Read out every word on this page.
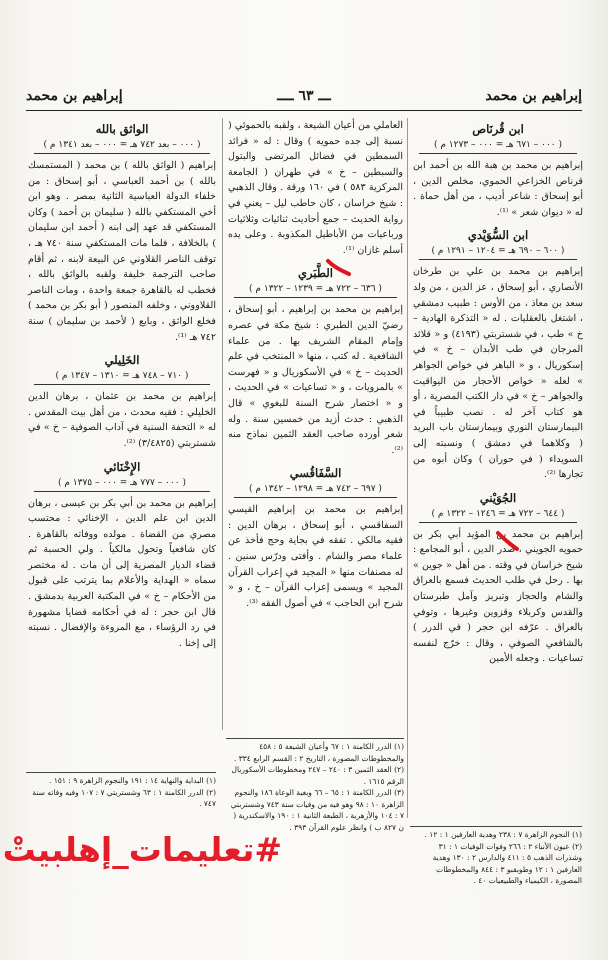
إبراهيم بن محمد
ـــ ٦٣ ــــ
إبراهيم بن محمد
ابن قُرنَاص
( ٠٠٠ – ٦٧١ هـ = ٠٠٠ – ١٢٧٣ م )

إبراهيم بن محمد بن هبة الله بن أحمد ابن قرناص الخزاعي الحموي، مخلص الدين ، أبو إسحاق : شاعر أديب ، من أهل حماة . له « ديوان شعر » ⁽¹⁾.

ابن السُّوَيْدي
( ٦٠٠ – ٦٩٠ هـ = ١٢٠٤ – ١٢٩١ م )

إبراهيم بن محمد بن علي بن طرخان الأنصاري ، أبو إسحاق ، عز الدين ، من ولد سعد بن معاذ ، من الأوس : طبيب دمشقي ، اشتغل بالعقليات . له « التذكرة الهادية – خ » طب ، في شستربتي (٤١٩٣) و « قلائد المرجان في طب الأبدان – خ » في إسكوريال ، و « الباهر في خواص الجواهر » لعله « خواص الأحجار من اليواقيت والجواهر – خ » في دار الكتب المصرية ، أو هو كتاب آخر له . نصب طبيباً في البيمارستان النوري وبيمارستان باب البريد ( وكلاهما في دمشق ) ونسبته إلى السويداء ( في حوران ) وكان أبوه من تجارها ⁽²⁾.

الجُوَيْني
( ٦٤٤ – ٧٢٢ هـ = ١٢٤٦ – ١٣٢٢ م )

إبراهيم بن محمد بن المؤيد أبي بكر بن حمويه الجويني ، صدر الدين ، أبو المجامع : شيخ خراسان في وقته . من أهل « جوين » بها . رحل في طلب الحديث فسمع بالعراق والشام والحجاز وتبريز وآمل طبرستان والقدس وكربلاء وقزوين وغيرها ، وتوفي بالعراق . عرّفه ابن حجر ( في الدرر ) بالشافعي الصوفي ، وقال : خرّج لنفسه تساعيات . وجعله الأمين

العاملي من أعيان الشيعة ، ولقبه بالحموئي ( نسبة إلى جده حمويه ) وقال : له « فرائد السمطين في فضائل المرتضى والبتول والسبطين – خ » في طهران ( الجامعة المركزية ٥٨٣ ) في ١٦٠ ورقة . وقال الذهبي : شيخ خراسان ، كان حاطب ليل – يعني في رواية الحديث – جمع أحاديث ثنائيات وثلاثيات ورباعيات من الأباطيل المكذوبة . وعلى يده أسلم غازان ⁽¹⁾.

الطَّبَري
( ٦٣٦ – ٧٢٢ هـ = ١٢٣٩ – ١٣٢٢ م )

إبراهيم بن محمد بن إبراهيم ، أبو إسحاق ، رضيّ الدين الطبري : شيخ مكة في عصره وإمام المقام الشريف بها . من علماء الشافعية . له كتب ، منها « المنتخب في علم الحديث – خ » في الأسكوريال و « فهرست » بالمرويات ، و « تساعيات » في الحديث ، و « اختصار شرح السنة للبغوي » قال الذهبي : حدث أزيد من خمسين سنة . وله شعر أورده صاحب العقد الثمين نماذج منه ⁽²⁾.

السَّفَاقُسي
( ٦٩٧ – ٧٤٢ هـ = ١٢٩٨ – ١٣٤٢ م )

إبراهيم بن محمد بن إبراهيم القيسي السفاقسي ، أبو إسحاق ، برهان الدين : فقيه مالكي . تفقه في بجاية وحج فأخذ عن علماء مصر والشام . وأفتى ودرّس سنين . له مصنفات منها « المجيد في إعراب القرآن المجيد » ويسمى إعراب القرآن – خ ، و « شرح ابن الحاجب » في أصول الفقه ⁽³⁾.

الواثق بالله
( ٠٠٠ – بعد ٧٤٢ هـ = ٠٠٠ – بعد ١٣٤١ م )

إبراهيم ( الواثق بالله ) بن محمد ( المستمسك بالله ) بن أحمد العباسي ، أبو إسحاق : من خلفاء الدولة العباسية الثانية بمصر . وهو ابن أخي المستكفي بالله ( سليمان بن أحمد ) وكان المستكفي قد عهد إلى ابنه ( أحمد ابن سليمان ) بالخلافة ، فلما مات المستكفي سنة ٧٤٠ هـ ، توقف الناصر القلاوني عن البيعة لابنه ، ثم أقام صاحب الترجمة خليفة ولقبه بالواثق بالله ، فخطب له بالقاهرة جمعة واحدة ، ومات الناصر القلاووني ، وخلفه المنصور ( أبو بكر بن محمد ) فخلع الواثق ، وبايع ( لأحمد بن سليمان ) سنة ٧٤٢ هـ ⁽¹⁾.

الخَلِيلي
( ٧١٠ – ٧٤٨ هـ = ١٣١٠ – ١٣٤٧ م )

إبراهيم بن محمد بن عثمان ، برهان الدين الخليلي : فقيه محدث ، من أهل بيت المقدس . له « التحفة السنية في آداب الصوفية – خ » في شستربتي (٣/٤٨٢٥) ⁽²⁾.

الإِخْنَائي
( ٠٠٠ – ٧٧٧ هـ = ٠٠٠ – ١٣٧٥ م )

إبراهيم بن محمد بن أبي بكر بن عيسى ، برهان الدين ابن علم الدين ، الإخنائي : محتسب مصري من القضاة . مولده ووفاته بالقاهرة . كان شافعياً وتحول مالكياً . ولي الحسبة ثم قضاء الديار المصرية إلى أن مات . له مختصر سماه « الهداية والأعلام بما يترتب على قبول من الأحكام – خ » في المكتبة العربية بدمشق . قال ابن حجر : له في أحكامه قضايا مشهورة في رد الرؤساء ، مع المروءة والإفضال . نسبته إلى إخنا .

(١) النجوم الزاهرة ٧ : ٢٣٨ وهدية العارفين ١ : ١٢ .

(٢) عيون الأنباء ٢ : ٢٦٦ وفوات الوفيات ١ : ٣١ وشذرات الذهب ٥ : ٤١١ والدارس ٢ : ١٣٠ وهدية العارفين ١ : ١٢ وطوبقبو ٣ : ٨٤٤ والمخطوطات المصورة ، الكيمياء والطبيعيات ٤٠ .

(١) الدرر الكامنة ١ : ٦٧ وأعيان الشيعة ٥ : ٤٥٨ والمخطوطات المصورة ، التاريخ ٢ : القسم الرابع ٣٣٤ .

(٢) العقد الثمين ٣ : ٢٤٠ – ٢٤٧ ومخطوطات الأسكوريال الرقم ١٦١٥ .

(٣) الدرر الكامنة ١ : ٦٥ – ٦٦ وبغية الوعاة ١٨٦ والنجوم الزاهرة ١٠ : ٩٨ وهو فيه من وفيات سنة ٧٤٣ وشستربتي ٧ : ١٠٤ والأزهرية ، الطبعة الثانية ١ : ١٩٠ والاسكندرية ( ن ٨٢٧ ب ) وانظر علوم القرآن ٣٩٣ .

(١) البداية والنهاية ١٤ : ١٩١ والنجوم الزاهرة ٩ : ١٥١ .

(٢) الدرر الكامنة ١ : ٦٣ وشستربتي ٧ : ١٠٧ وفيه وفاته سنة ٧٤٧ .

#تعليمات_إهلبيتْ
